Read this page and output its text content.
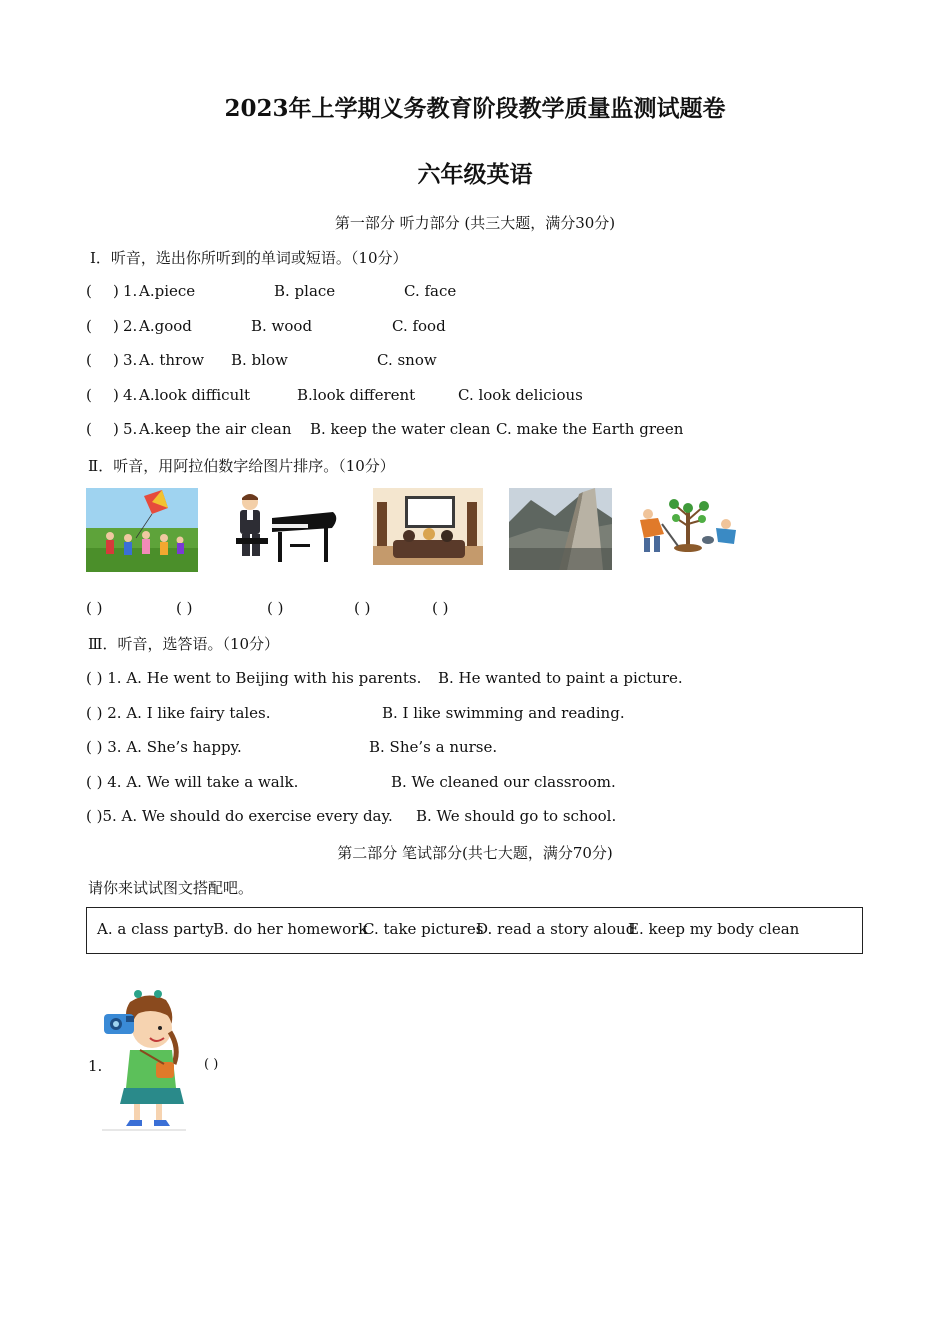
2023年上学期义务教育阶段教学质量监测试题卷
六年级英语
第一部分 听力部分 (共三大题，满分30分)
Ⅰ．听音，选出你所听到的单词或短语。（10分）
( ) 1. A.piece	B. place	C. face
( ) 2. A.good	B. wood	C. food
( ) 3. A. throw B. blow	C. snow
( ) 4. A.look difficult	B.look different	C. look delicious
( ) 5. A.keep the air clean B. keep the water clean C. make the Earth green
Ⅱ．听音，用阿拉伯数字给图片排序。（10分）
( )	( )	( )	( )	( )
Ⅲ．听音，选答语。（10分）
( ) 1. A. He went to Beijing with his parents. B. He wanted to paint a picture.
( ) 2. A. I like fairy tales.	B. I like swimming and reading.
( ) 3. A. She’s happy.	B. She’s a nurse.
( ) 4. A. We will take a walk.	B. We cleaned our classroom.
( )5. A. We should do exercise every day. B. We should go to school.
第二部分 笔试部分(共七大题，满分70分)
请你来试试图文搭配吧。
A. a class party B. do her homework
C. take pictures
D. read a story aloud
E. keep my body clean
1.	( )
